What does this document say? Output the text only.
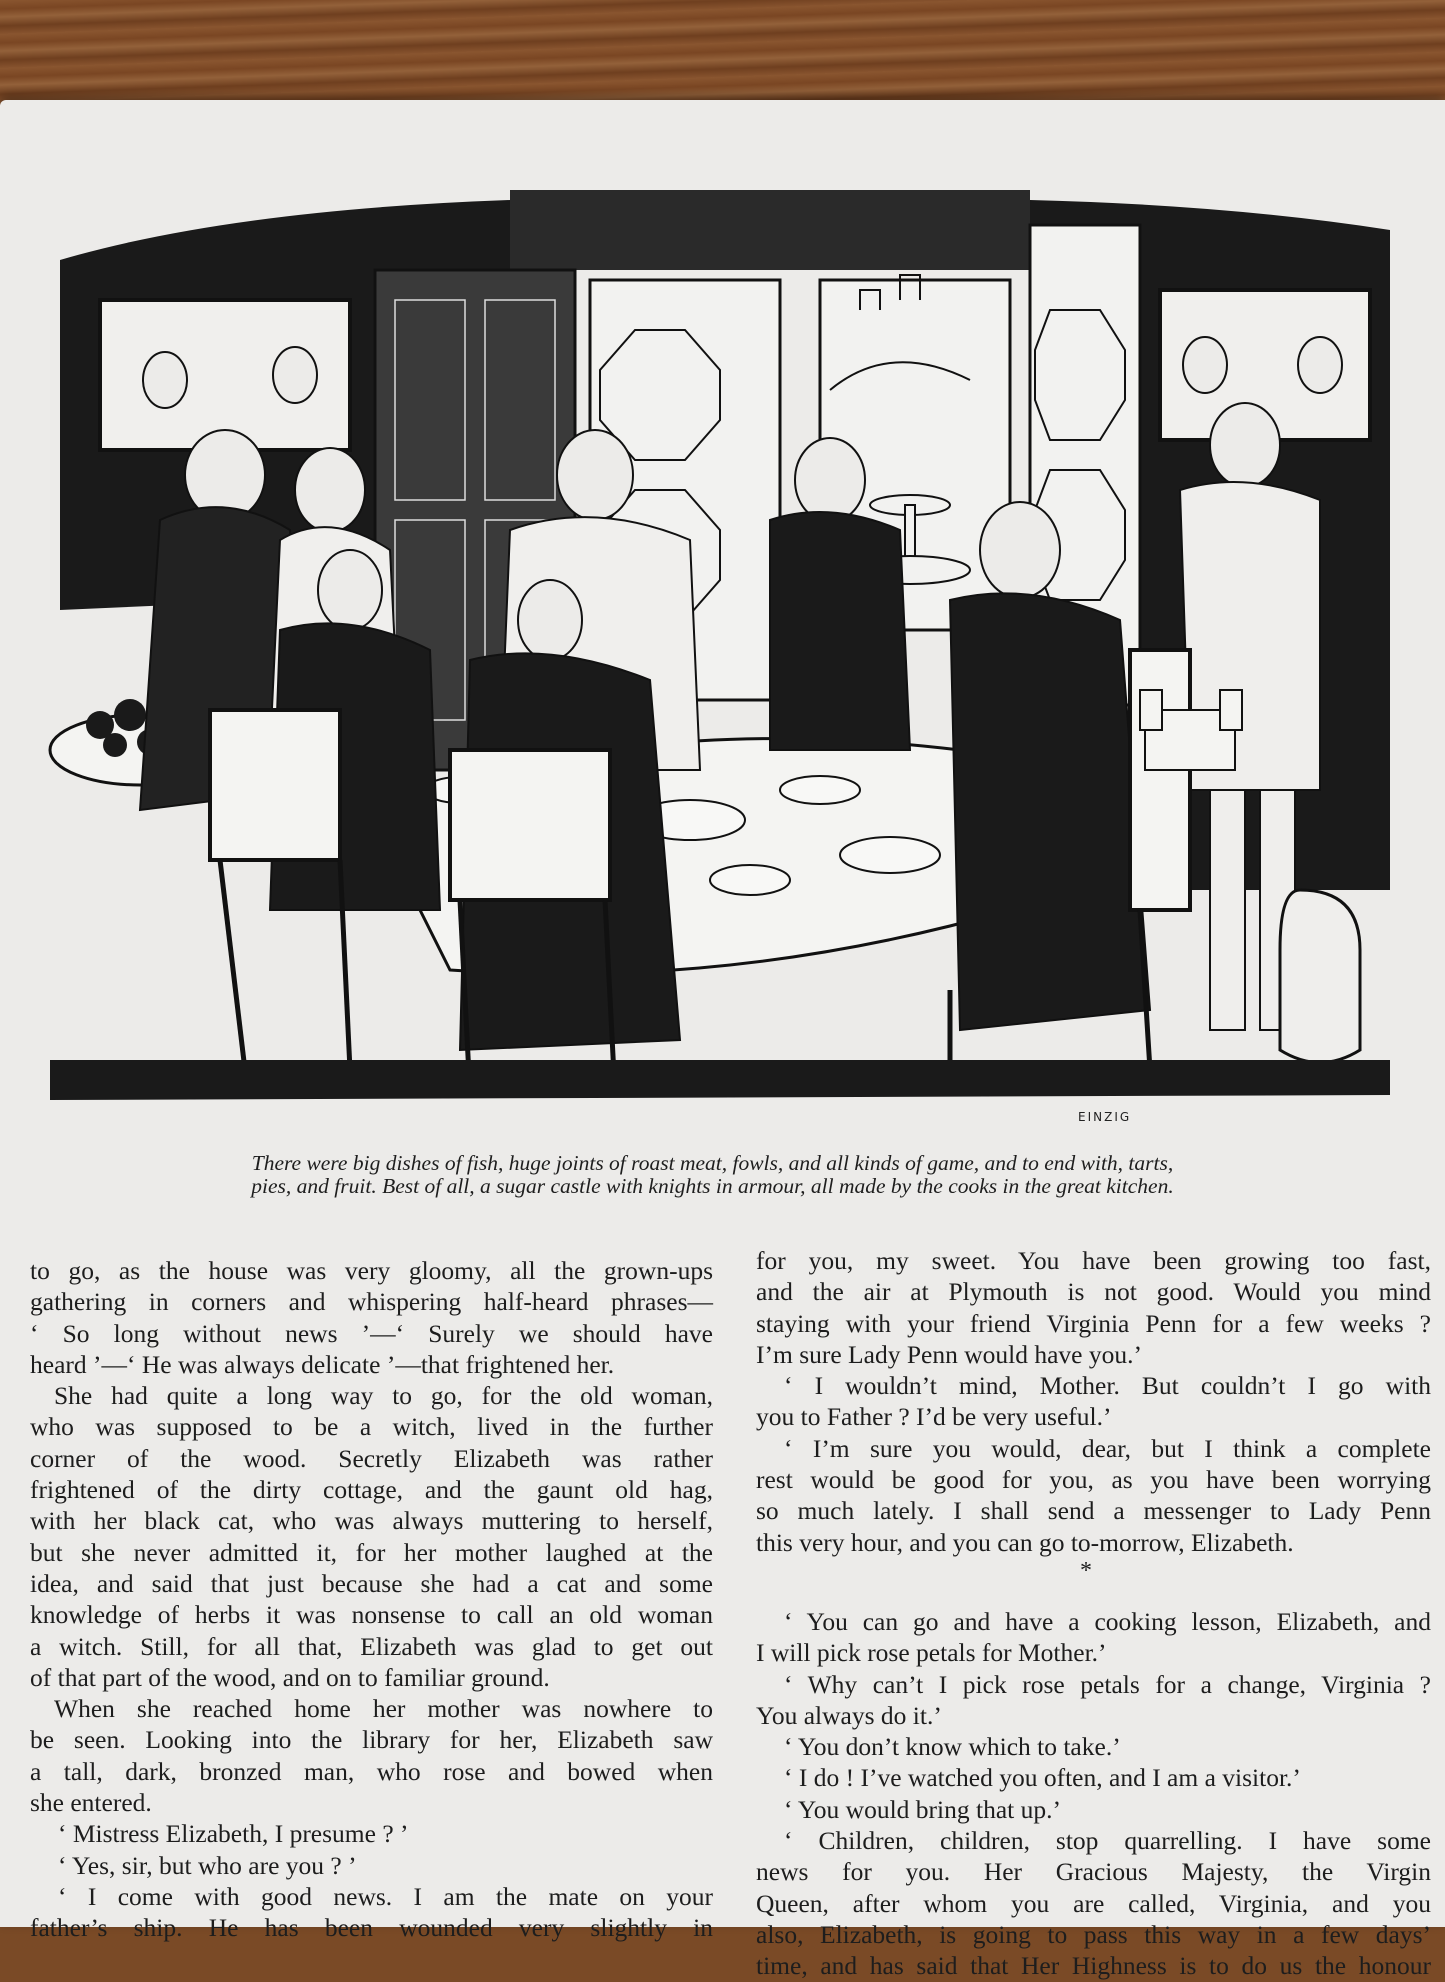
EINZIG
There were big dishes of fish, huge joints of roast meat, fowls, and all kinds of game, and to end with, tarts,
pies, and fruit. Best of all, a sugar castle with knights in armour, all made by the cooks in the great kitchen.
to go, as the house was very gloomy, all the grown-ups
gathering in corners and whispering half-heard phrases—
‘ So long without news ’—‘ Surely we should have
heard ’—‘ He was always delicate ’—that frightened her.
She had quite a long way to go, for the old woman,
who was supposed to be a witch, lived in the further
corner of the wood. Secretly Elizabeth was rather
frightened of the dirty cottage, and the gaunt old hag,
with her black cat, who was always muttering to herself,
but she never admitted it, for her mother laughed at the
idea, and said that just because she had a cat and some
knowledge of herbs it was nonsense to call an old woman
a witch. Still, for all that, Elizabeth was glad to get out
of that part of the wood, and on to familiar ground.
When she reached home her mother was nowhere to
be seen. Looking into the library for her, Elizabeth saw
a tall, dark, bronzed man, who rose and bowed when
she entered.
‘ Mistress Elizabeth, I presume ? ’
‘ Yes, sir, but who are you ? ’
‘ I come with good news. I am the mate on your
father’s ship. He has been wounded very slightly in
for you, my sweet. You have been growing too fast,
and the air at Plymouth is not good. Would you mind
staying with your friend Virginia Penn for a few weeks ?
I’m sure Lady Penn would have you.’
‘ I wouldn’t mind, Mother. But couldn’t I go with
you to Father ? I’d be very useful.’
‘ I’m sure you would, dear, but I think a complete
rest would be good for you, as you have been worrying
so much lately. I shall send a messenger to Lady Penn
this very hour, and you can go to-morrow, Elizabeth.
*
‘ You can go and have a cooking lesson, Elizabeth, and
I will pick rose petals for Mother.’
‘ Why can’t I pick rose petals for a change, Virginia ?
You always do it.’
‘ You don’t know which to take.’
‘ I do ! I’ve watched you often, and I am a visitor.’
‘ You would bring that up.’
‘ Children, children, stop quarrelling. I have some
news for you. Her Gracious Majesty, the Virgin
Queen, after whom you are called, Virginia, and you
also, Elizabeth, is going to pass this way in a few days’
time, and has said that Her Highness is to do us the honour
